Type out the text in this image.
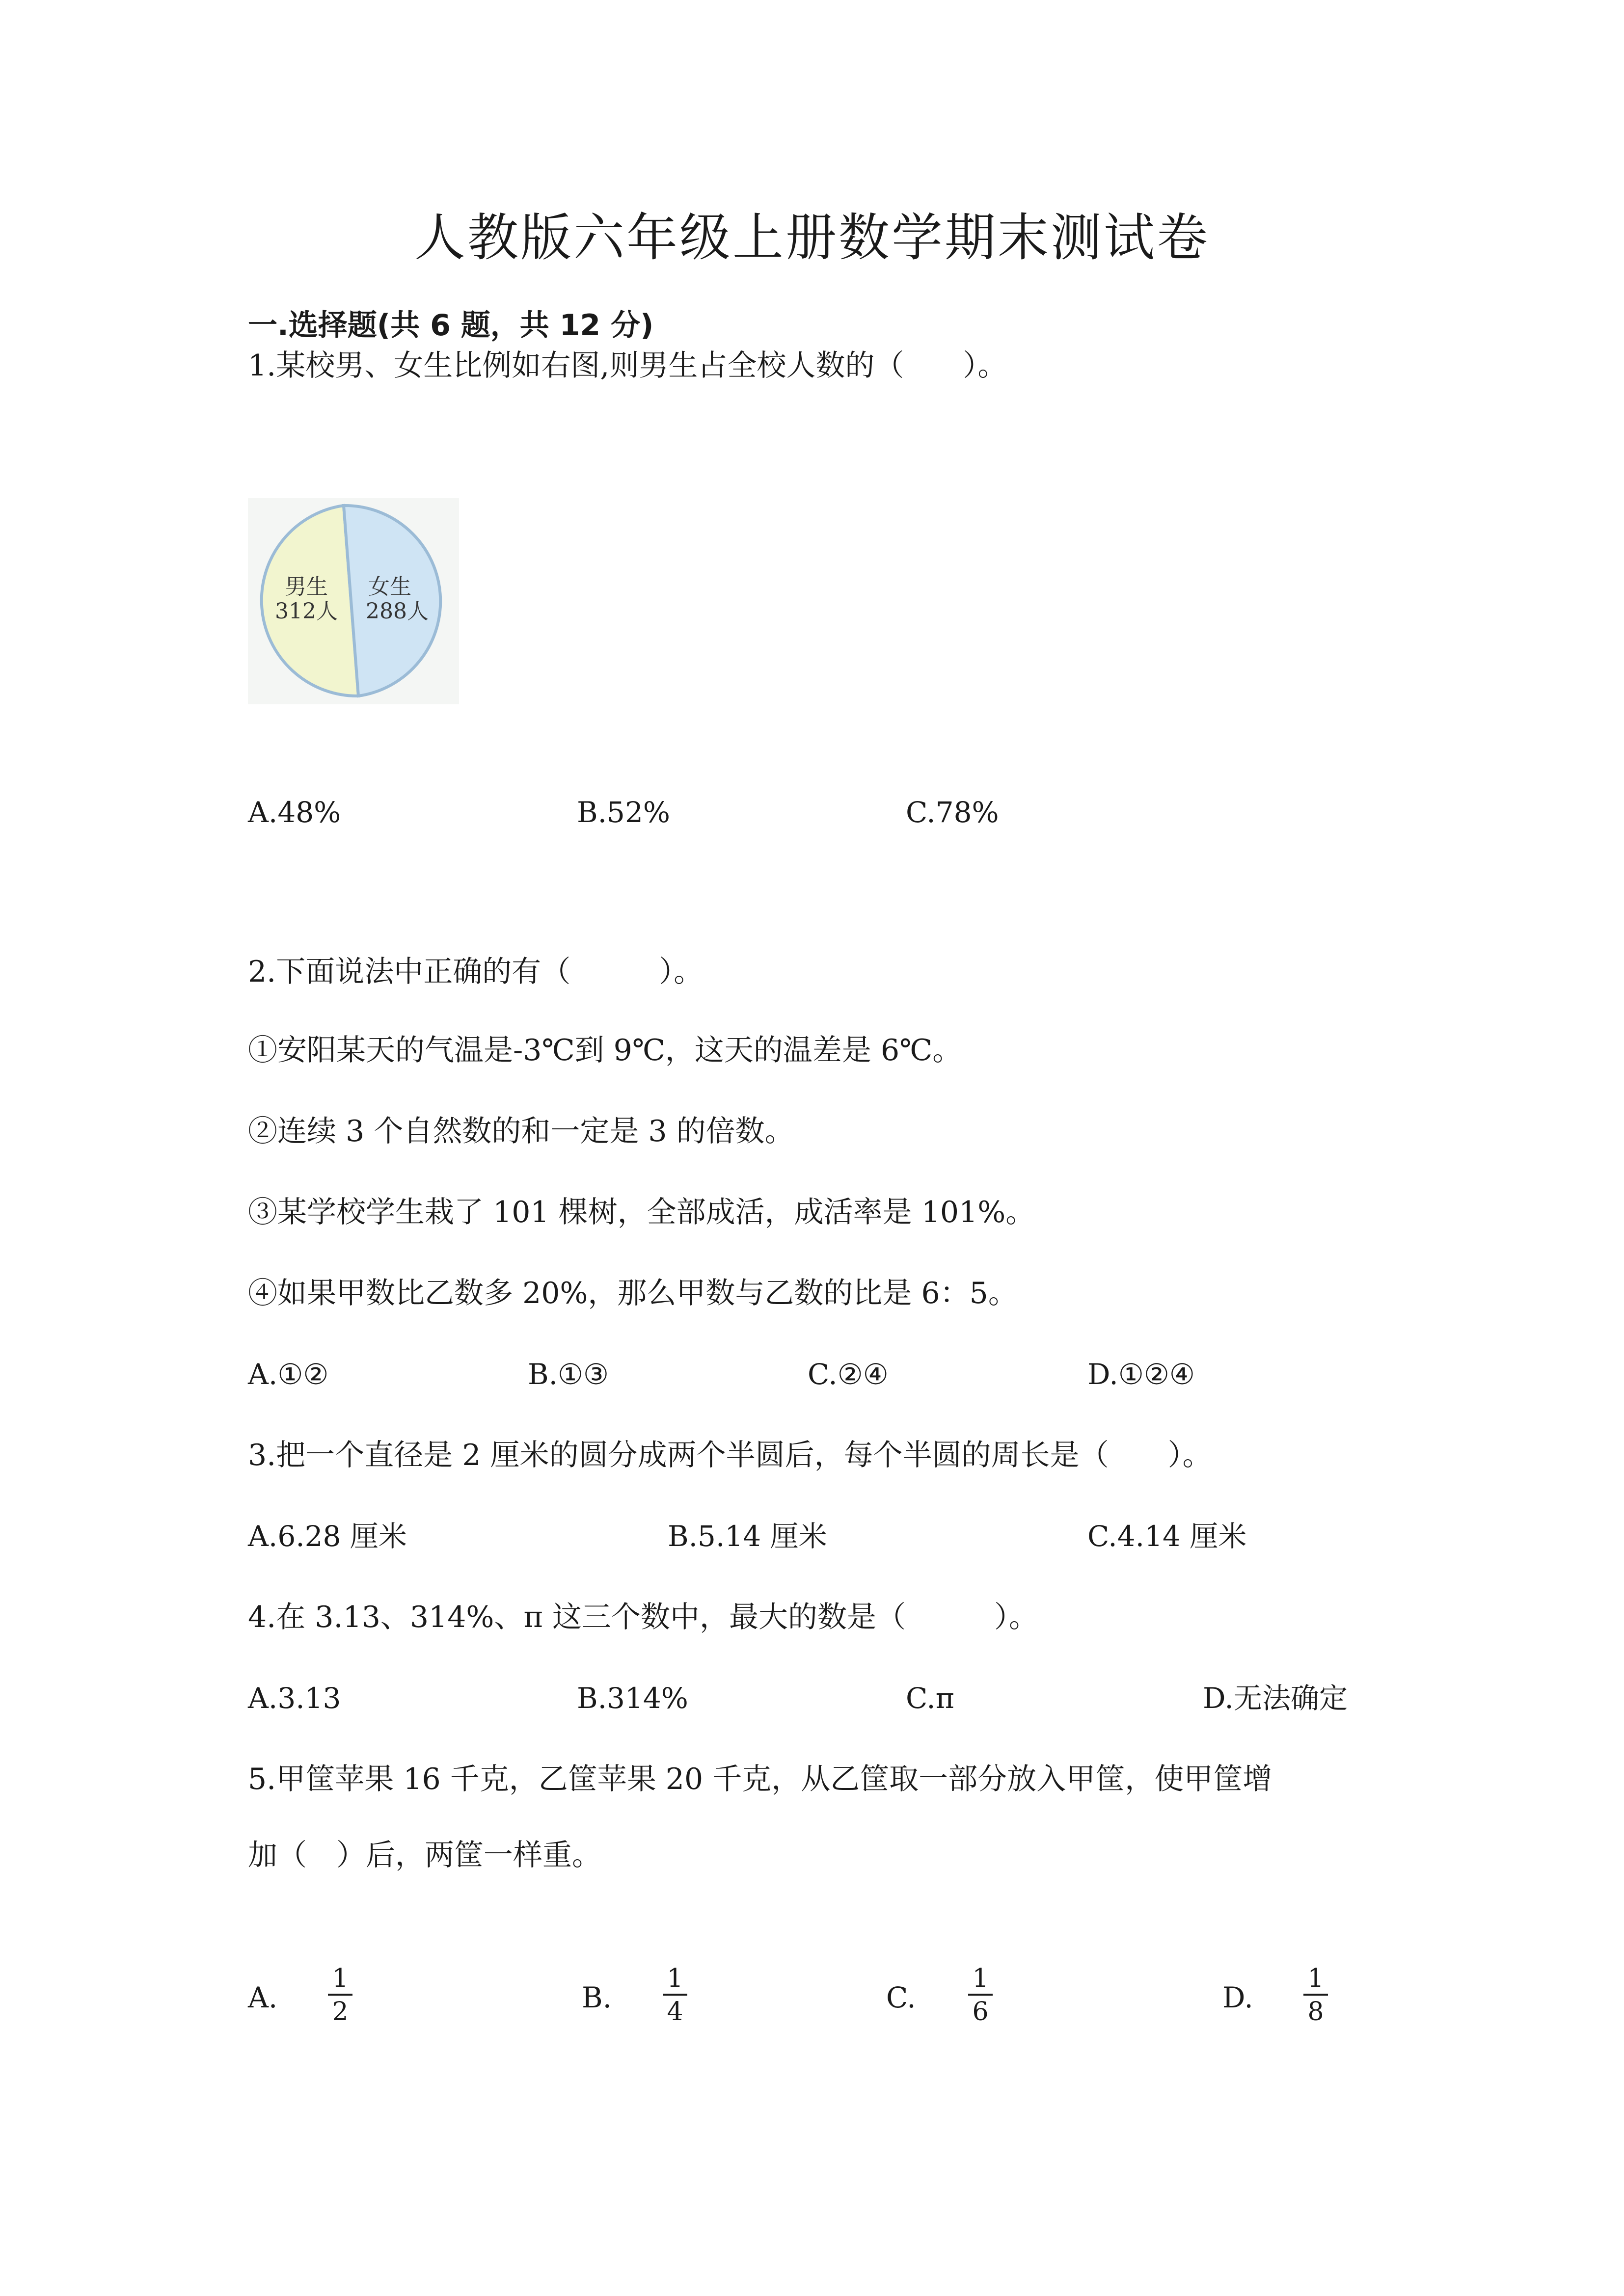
人教版六年级上册数学期末测试卷
一.选择题(共 6 题，共 12 分)
1.某校男、女生比例如右图,则男生占全校人数的（　　）。
男生
312人
女生
288人
A.48%	B.52%	C.78%
2.下面说法中正确的有（　　　）。
①安阳某天的气温是-3℃到 9℃，这天的温差是 6℃。
②连续 3 个自然数的和一定是 3 的倍数。
③某学校学生栽了 101 棵树，全部成活，成活率是 101%。
④如果甲数比乙数多 20%，那么甲数与乙数的比是 6：5。
A.①②	B.①③	C.②④	D.①②④
3.把一个直径是 2 厘米的圆分成两个半圆后，每个半圆的周长是（　　）。
A.6.28 厘米	B.5.14 厘米	C.4.14 厘米
4.在 3.13、314%、π 这三个数中，最大的数是（　　　）。
A.3.13	B.314%	C.π	D.无法确定
5.甲筐苹果 16 千克，乙筐苹果 20 千克，从乙筐取一部分放入甲筐，使甲筐增
加（　）后，两筐一样重。
A. $\frac{1}{2}$	B. $\frac{1}{4}$	C. $\frac{1}{6}$	D. $\frac{1}{8}$
